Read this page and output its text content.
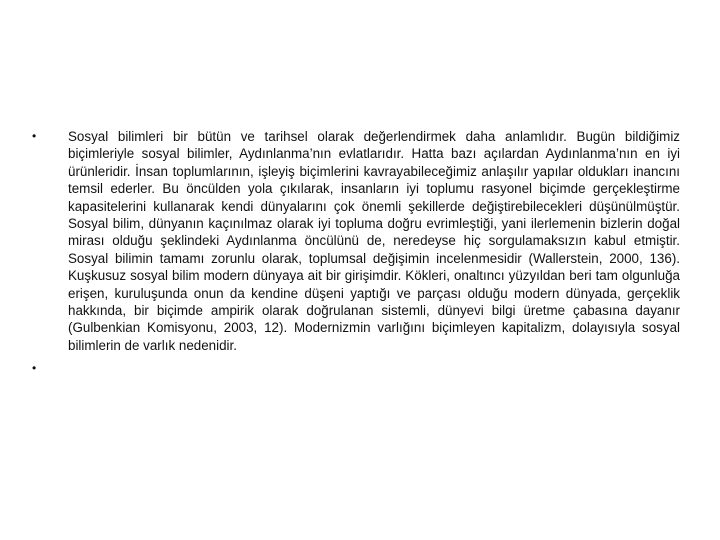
•	Sosyal bilimleri bir bütün ve tarihsel olarak değerlendirmek daha anlamlıdır. Bugün bildiğimiz biçimleriyle sosyal bilimler, Aydınlanma’nın evlatlarıdır. Hatta bazı açılardan Aydınlanma’nın en iyi ürünleridir. İnsan toplumlarının, işleyiş biçimlerini kavrayabileceğimiz anlaşılır yapılar oldukları inancını temsil ederler. Bu öncülden yola çıkılarak, insanların iyi toplumu rasyonel biçimde gerçekleştirme kapasitelerini kullanarak kendi dünyalarını çok önemli şekillerde değiştirebilecekleri düşünülmüştür. Sosyal bilim, dünyanın kaçınılmaz olarak iyi topluma doğru evrimleştiği, yani ilerlemenin bizlerin doğal mirası olduğu şeklindeki Aydınlanma öncülünü de, neredeyse hiç sorgulamaksızın kabul etmiştir. Sosyal bilimin tamamı zorunlu olarak, toplumsal değişimin incelenmesidir (Wallerstein, 2000, 136). Kuşkusuz sosyal bilim modern dünyaya ait bir girişimdir. Kökleri, onaltıncı yüzyıldan beri tam olgunluğa erişen, kuruluşunda onun da kendine düşeni yaptığı ve parçası olduğu modern dünyada, gerçeklik hakkında, bir biçimde ampirik olarak doğrulanan sistemli, dünyevi bilgi üretme çabasına dayanır (Gulbenkian Komisyonu, 2003, 12). Modernizmin varlığını biçimleyen kapitalizm, dolayısıyla sosyal bilimlerin de varlık nedenidir.

•
